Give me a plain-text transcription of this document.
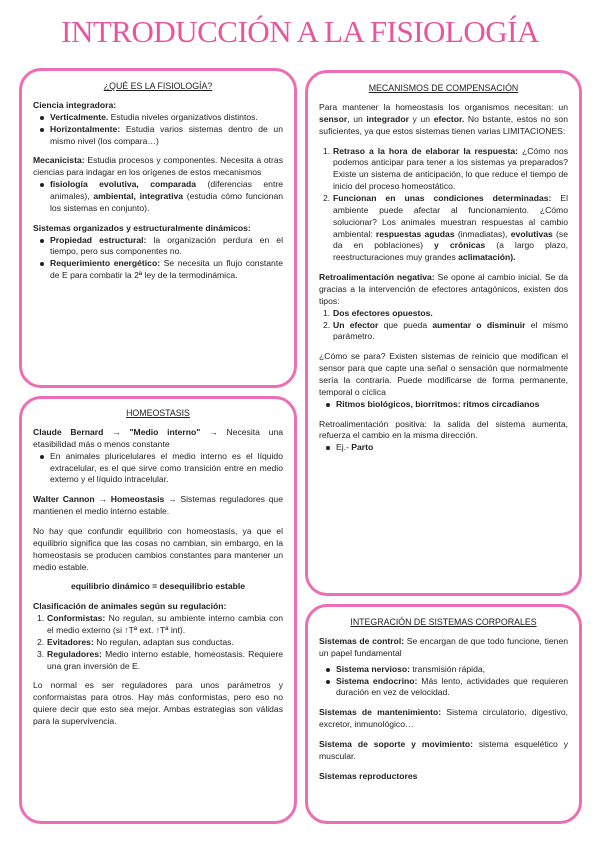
INTRODUCCIÓN A LA FISIOLOGÍA
¿QUÉ ES LA FISIOLOGÍA?

Ciencia integradora:

Verticalmente. Estudia niveles organizativos distintos.
Horizontalmente: Estudia varios sistemas dentro de un mismo nivel (los compara…)

Mecanicista: Estudia procesos y componentes. Necesita a otras ciencias para indagar en los orígenes de estos mecanismos

fisiología evolutiva, comparada (diferencias entre animales), ambiental, integrativa (estudia cómo funcionan los sistemas en conjunto).

Sistemas organizados y estructuralmente dinámicos:

Propiedad estructural: la organización perdura en el tiempo, pero sus componentes no.
Requerimiento energético: Se necesita un flujo constante de E para combatir la 2ª ley de la termodinámica.
HOMEOSTASIS

Claude Bernard → "Medio interno" → Necesita una etasibilidad más o menos constante

En animales pluricelulares el medio interno es el líquido extracelular, es el que sirve como transición entre en medio externo y el líquido intracelular.

Walter Cannon → Homeostasis → Sistemas reguladores que mantienen el medio interno estable.

No hay que confundir equilibrio con homeostasis, ya que el equilibrio significa que las cosas no cambian, sin embargo, en la homeostasis se producen cambios constantes para mantener un medio estable.

equilibrio dinámico = desequilibrio estable

Clasificación de animales según su regulación:

1. Conformistas: No regulan, su ambiente interno cambia con el medio externo (si ↑Tª ext. ↑Tª int).
2. Evitadores: No regulan, adaptan sus conductas.
3. Reguladores: Medio interno estable, homeostasis. Requiere una gran inversión de E.

Lo normal es ser reguladores para unos parámetros y conformaistas para otros. Hay más conformistas, pero eso no quiere decir que esto sea mejor. Ambas estrategias son válidas para la supervivencia.

MECANISMOS DE COMPENSACIÓN

Para mantener la homeostasis los organismos necesitan: un sensor, un integrador y un efector. No bstante, estos no son suficientes, ya que estos sistemas tienen varias LIMITACIONES:

1. Retraso a la hora de elaborar la respuesta: ¿Cómo nos podemos anticipar para tener a los sistemas ya preparados? Existe un sistema de anticipación, lo que reduce el tiempo de inicio del proceso homeostático.
2. Funcionan en unas condiciones determinadas: El ambiente puede afectar al funcionamiento. ¿Cómo solucionar? Los animales muestran respuestas al cambio ambiental: respuestas agudas (inmadiatas), evolutivas (se da en poblaciones) y crónicas (a largo plazo, reestructuraciones muy grandes aclimatación).

Retroalimentación negativa: Se opone al cambio inicial. Se da gracias a la intervención de efectores antagónicos, existen dos tipos:

1. Dos efectores opuestos.
2. Un efector que pueda aumentar o disminuir el mismo parámetro.

¿Cómo se para? Existen sistemas de reinicio que modifican el sensor para que capte una señal o sensación que normalmente sería la contraria. Puede modificarse de forma permanente, temporal o cíclica

Ritmos biológicos, biorritmos: ritmos circadianos

Retroalimentación positiva: la salida del sistema aumenta, refuerza el cambio en la misma dirección.

Ej.- Parto
INTEGRACIÓN DE SISTEMAS CORPORALES

Sistemas de control: Se encargan de que todo funcione, tienen un papel fundamental

Sistema nervioso: transmisión rápida,
Sistema endocrino: Más lento, actividades que requieren duración en vez de velocidad.

Sistemas de mantenimiento: Sistema circulatorio, digestivo, excretor, inmunológico…

Sistema de soporte y movimiento: sistema esquelético y muscular.

Sistemas reproductores
